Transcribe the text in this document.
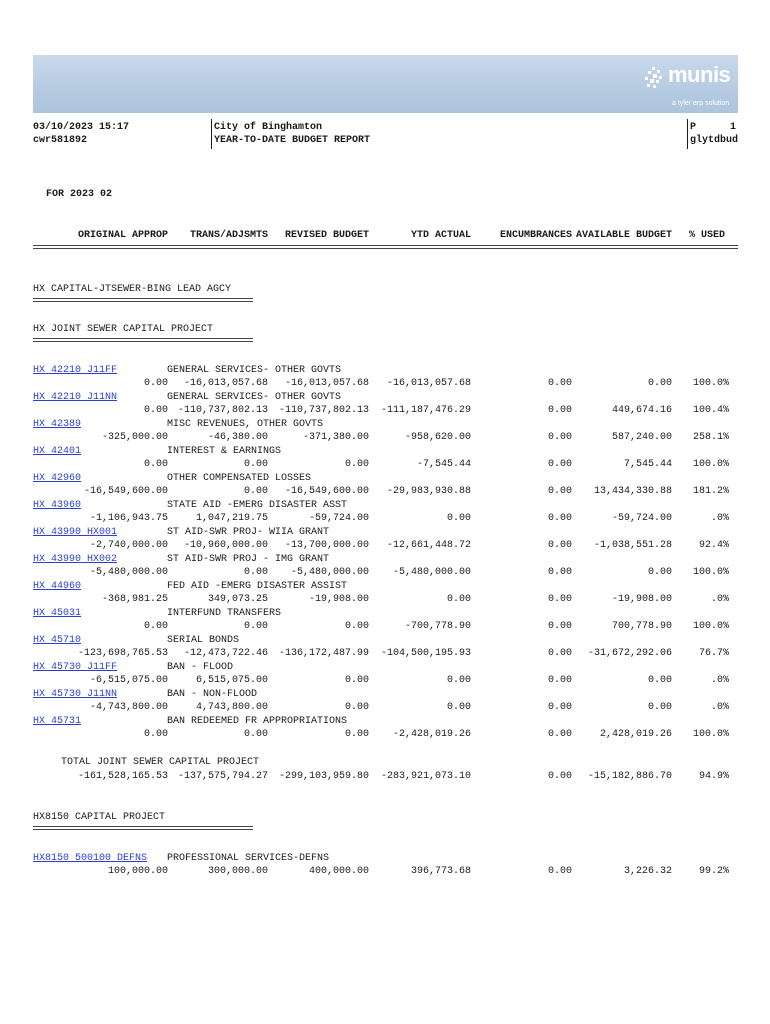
munis
a tyler erp solution
03/10/2023 15:17
cwr581892
City of Binghamton
YEAR-TO-DATE BUDGET REPORT
P	1
glytdbud
FOR 2023 02
ORIGINAL APPROP	TRANS/ADJSMTS	REVISED BUDGET	YTD ACTUAL	ENCUMBRANCES AVAILABLE BUDGET	% USED
HX CAPITAL-JTSEWER-BING LEAD AGCY
HX JOINT SEWER CAPITAL PROJECT
HX 42210 J11FF	GENERAL SERVICES- OTHER GOVTS
0.00	-16,013,057.68	-16,013,057.68	-16,013,057.68	0.00	0.00	100.0%
HX 42210 J11NN	GENERAL SERVICES- OTHER GOVTS
0.00 -110,737,802.13	-110,737,802.13	-111,187,476.29	0.00	449,674.16	100.4%
HX 42389	MISC REVENUES, OTHER GOVTS
-325,000.00	-46,380.00	-371,380.00	-958,620.00	0.00	587,240.00	258.1%
HX 42401	INTEREST & EARNINGS
0.00	0.00	0.00	-7,545.44	0.00	7,545.44	100.0%
HX 42960	OTHER COMPENSATED LOSSES
-16,549,600.00	0.00	-16,549,600.00	-29,983,930.88	0.00	13,434,330.88	181.2%
HX 43960	STATE AID -EMERG DISASTER ASST
-1,106,943.75	1,047,219.75	-59,724.00	0.00	0.00	-59,724.00	.0%
HX 43990 HX001	ST AID-SWR PROJ- WIIA GRANT
-2,740,000.00	-10,960,000.00	-13,700,000.00	-12,661,448.72	0.00	-1,038,551.28	92.4%
HX 43990 HX002	ST AID-SWR PROJ - IMG GRANT
-5,480,000.00	0.00	-5,480,000.00	-5,480,000.00	0.00	0.00	100.0%
HX 44960	FED AID -EMERG DISASTER ASSIST
-368,981.25	349,073.25	-19,908.00	0.00	0.00	-19,908.00	.0%
HX 45031	INTERFUND TRANSFERS
0.00	0.00	0.00	-700,778.90	0.00	700,778.90	100.0%
HX 45710	SERIAL BONDS
-123,698,765.53	-12,473,722.46	-136,172,487.99	-104,500,195.93	0.00	-31,672,292.06	76.7%
HX 45730 J11FF	BAN - FLOOD
-6,515,075.00	6,515,075.00	0.00	0.00	0.00	0.00	.0%
HX 45730 J11NN	BAN - NON-FLOOD
-4,743,800.00	4,743,800.00	0.00	0.00	0.00	0.00	.0%
HX 45731	BAN REDEEMED FR APPROPRIATIONS
0.00	0.00	0.00	-2,428,019.26	0.00	2,428,019.26	100.0%
TOTAL JOINT SEWER CAPITAL PROJECT
-161,528,165.53 -137,575,794.27	-299,103,959.80	-283,921,073.10	0.00	-15,182,886.70	94.9%
HX8150 CAPITAL PROJECT
HX8150 500100 DEFNS PROFESSIONAL SERVICES-DEFNS
100,000.00	300,000.00	400,000.00	396,773.68	0.00	3,226.32	99.2%
